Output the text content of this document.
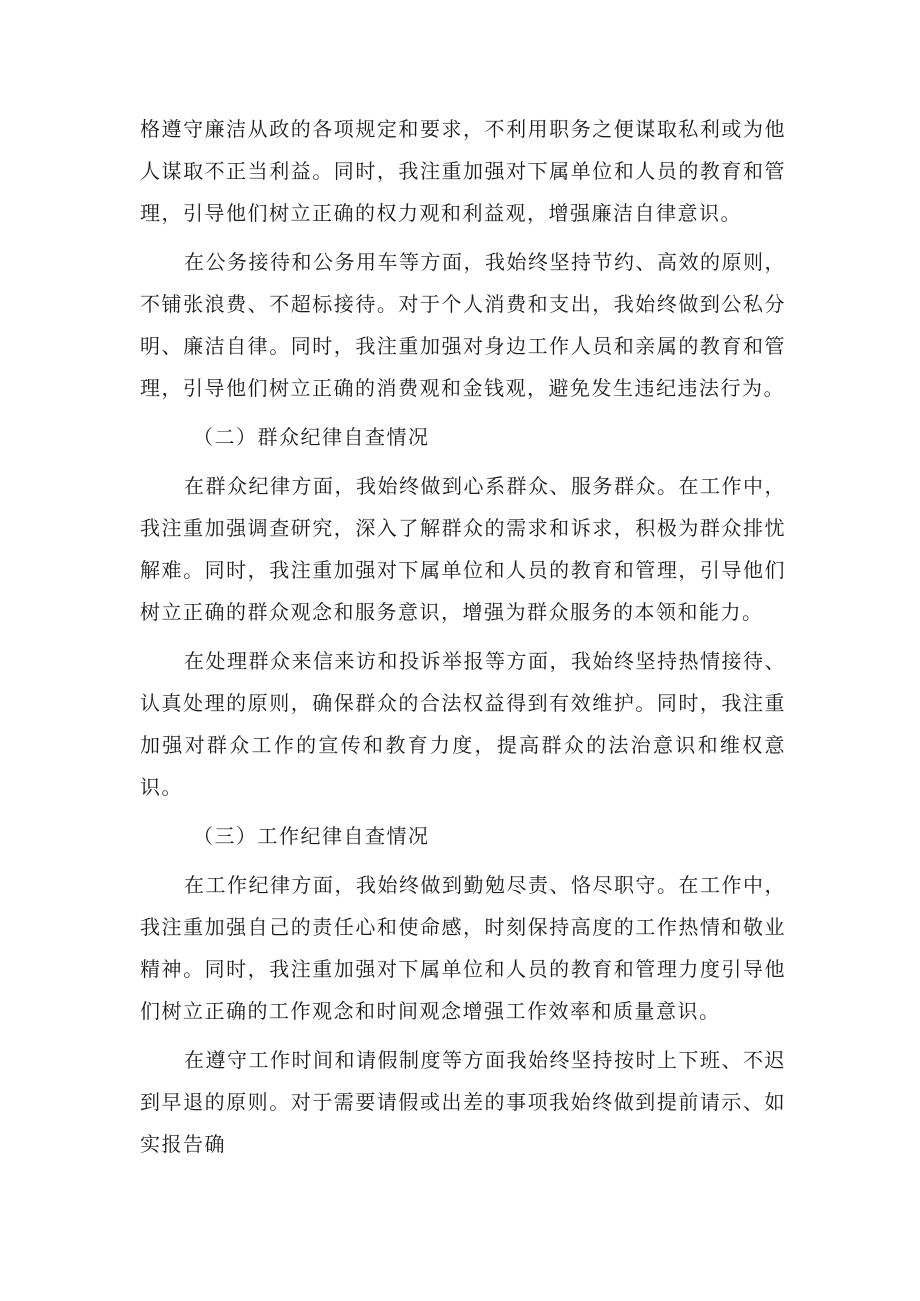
格遵守廉洁从政的各项规定和要求，不利用职务之便谋取私利或为他人谋取不正当利益。同时，我注重加强对下属单位和人员的教育和管理，引导他们树立正确的权力观和利益观，增强廉洁自律意识。

在公务接待和公务用车等方面，我始终坚持节约、高效的原则，不铺张浪费、不超标接待。对于个人消费和支出，我始终做到公私分明、廉洁自律。同时，我注重加强对身边工作人员和亲属的教育和管理，引导他们树立正确的消费观和金钱观，避免发生违纪违法行为。

（二）群众纪律自查情况

在群众纪律方面，我始终做到心系群众、服务群众。在工作中，我注重加强调查研究，深入了解群众的需求和诉求，积极为群众排忧解难。同时，我注重加强对下属单位和人员的教育和管理，引导他们树立正确的群众观念和服务意识，增强为群众服务的本领和能力。

在处理群众来信来访和投诉举报等方面，我始终坚持热情接待、认真处理的原则，确保群众的合法权益得到有效维护。同时，我注重加强对群众工作的宣传和教育力度，提高群众的法治意识和维权意识。

（三）工作纪律自查情况

在工作纪律方面，我始终做到勤勉尽责、恪尽职守。在工作中，我注重加强自己的责任心和使命感，时刻保持高度的工作热情和敬业精神。同时，我注重加强对下属单位和人员的教育和管理力度引导他们树立正确的工作观念和时间观念增强工作效率和质量意识。

在遵守工作时间和请假制度等方面我始终坚持按时上下班、不迟到早退的原则。对于需要请假或出差的事项我始终做到提前请示、如实报告确
